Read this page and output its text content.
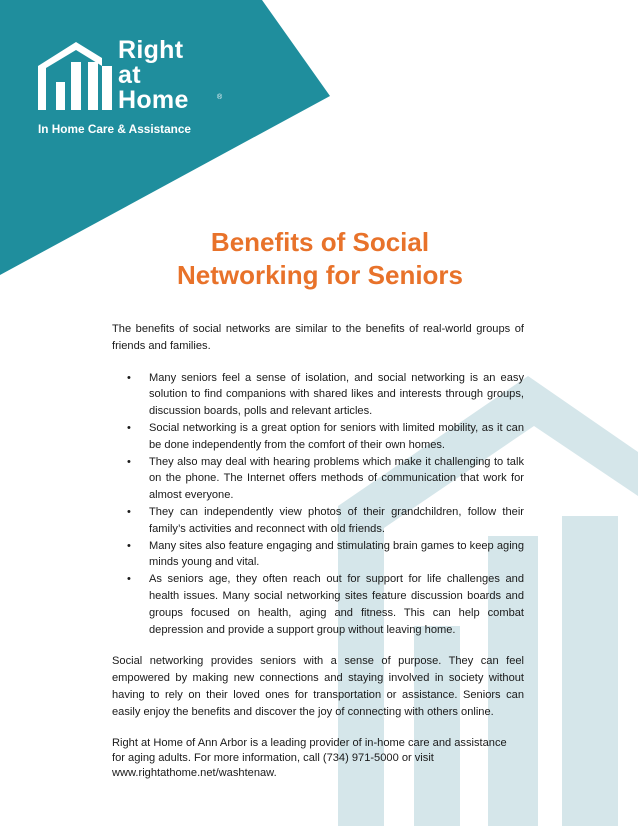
Right
at
Home	®
In Home Care & Assistance
Benefits of Social
Networking for Seniors

The benefits of social networks are similar to the benefits of real-world groups of friends and families.

• Many seniors feel a sense of isolation, and social networking is an easy solution to find companions with shared likes and interests through groups, discussion boards, polls and relevant articles.
• Social networking is a great option for seniors with limited mobility, as it can be done independently from the comfort of their own homes.
• They also may deal with hearing problems which make it challenging to talk on the phone. The Internet offers methods of communication that work for almost everyone.
• They can independently view photos of their grandchildren, follow their family’s activities and reconnect with old friends.
• Many sites also feature engaging and stimulating brain games to keep aging minds young and vital.
• As seniors age, they often reach out for support for life challenges and health issues. Many social networking sites feature discussion boards and groups focused on health, aging and fitness. This can help combat depression and provide a support group without leaving home.

Social networking provides seniors with a sense of purpose. They can feel empowered by making new connections and staying involved in society without having to rely on their loved ones for transportation or assistance. Seniors can easily enjoy the benefits and discover the joy of connecting with others online.

Right at Home of Ann Arbor is a leading provider of in-home care and assistance
for aging adults. For more information, call (734) 971-5000 or visit
www.rightathome.net/washtenaw.
